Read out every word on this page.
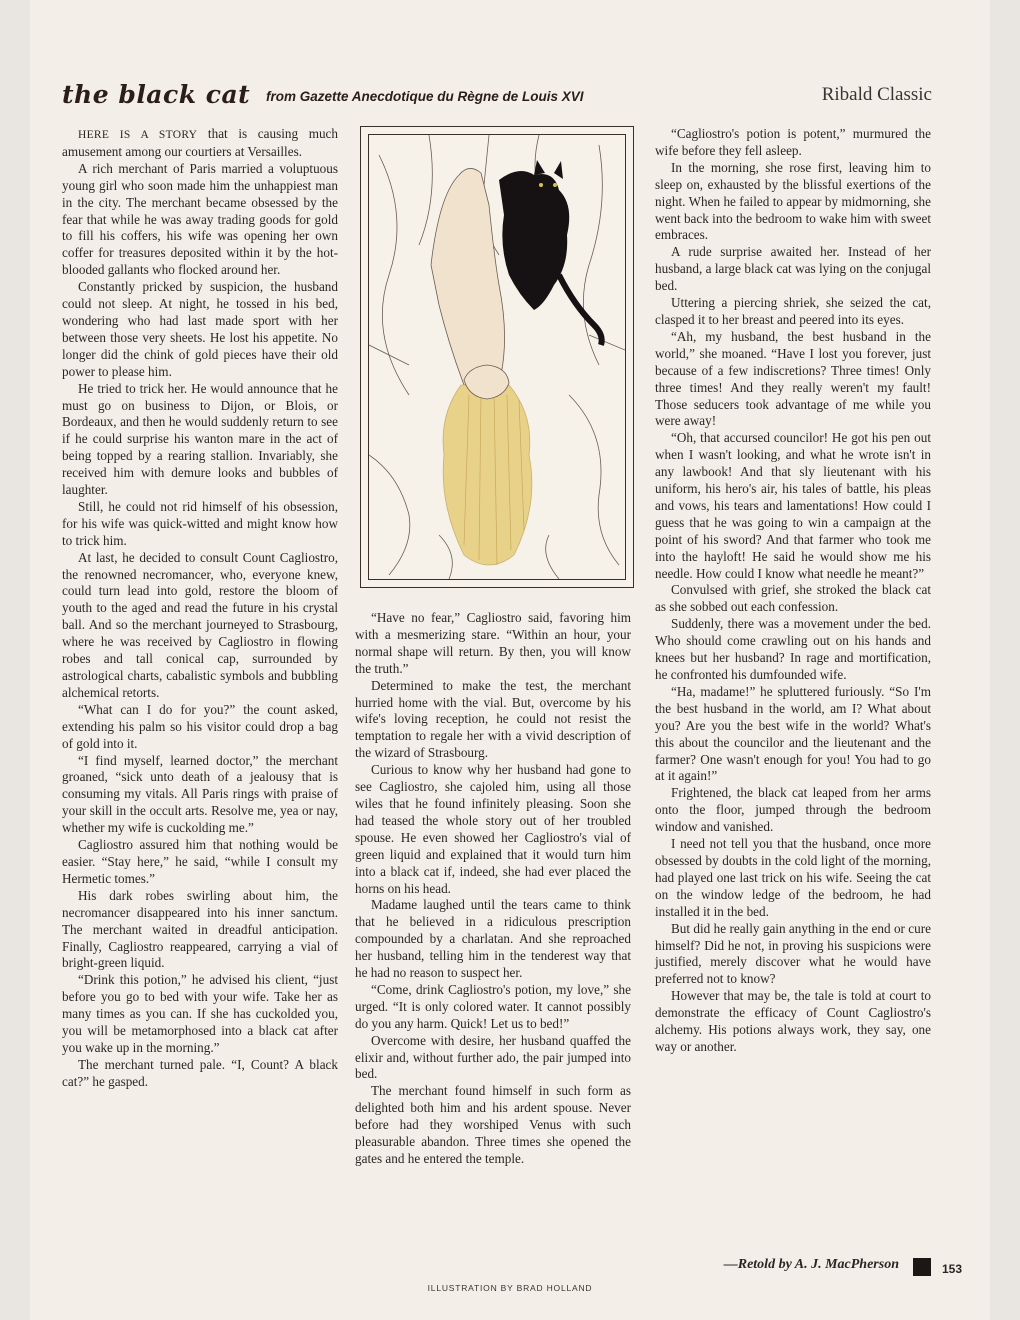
the black cat from Gazette Anecdotique du Règne de Louis XVI	Ribald Classic

HERE IS A STORY that is causing much amusement among our courtiers at Versailles.

A rich merchant of Paris married a voluptuous young girl who soon made him the unhappiest man in the city. The merchant became obsessed by the fear that while he was away trading goods for gold to fill his coffers, his wife was opening her own coffer for treasures deposited within it by the hot-blooded gallants who flocked around her.

Constantly pricked by suspicion, the husband could not sleep. At night, he tossed in his bed, wondering who had last made sport with her between those very sheets. He lost his appetite. No longer did the chink of gold pieces have their old power to please him.

He tried to trick her. He would announce that he must go on business to Dijon, or Blois, or Bordeaux, and then he would suddenly return to see if he could surprise his wanton mare in the act of being topped by a rearing stallion. Invariably, she received him with demure looks and bubbles of laughter.

Still, he could not rid himself of his obsession, for his wife was quick-witted and might know how to trick him.

At last, he decided to consult Count Cagliostro, the renowned necromancer, who, everyone knew, could turn lead into gold, restore the bloom of youth to the aged and read the future in his crystal ball. And so the merchant journeyed to Strasbourg, where he was received by Cagliostro in flowing robes and tall conical cap, surrounded by astrological charts, cabalistic symbols and bubbling alchemical retorts.

“What can I do for you?” the count asked, extending his palm so his visitor could drop a bag of gold into it.

“I find myself, learned doctor,” the merchant groaned, “sick unto death of a jealousy that is consuming my vitals. All Paris rings with praise of your skill in the occult arts. Resolve me, yea or nay, whether my wife is cuckolding me.”

Cagliostro assured him that nothing would be easier. “Stay here,” he said, “while I consult my Hermetic tomes.”

His dark robes swirling about him, the necromancer disappeared into his inner sanctum. The merchant waited in dreadful anticipation. Finally, Cagliostro reappeared, carrying a vial of bright-green liquid.

“Drink this potion,” he advised his client, “just before you go to bed with your wife. Take her as many times as you can. If she has cuckolded you, you will be metamorphosed into a black cat after you wake up in the morning.”

The merchant turned pale. “I, Count? A black cat?” he gasped.

“Have no fear,” Cagliostro said, favoring him with a mesmerizing stare. “Within an hour, your normal shape will return. By then, you will know the truth.”

Determined to make the test, the merchant hurried home with the vial. But, overcome by his wife's loving reception, he could not resist the temptation to regale her with a vivid description of the wizard of Strasbourg.

Curious to know why her husband had gone to see Cagliostro, she cajoled him, using all those wiles that he found infinitely pleasing. Soon she had teased the whole story out of her troubled spouse. He even showed her Cagliostro's vial of green liquid and explained that it would turn him into a black cat if, indeed, she had ever placed the horns on his head.

Madame laughed until the tears came to think that he believed in a ridiculous prescription compounded by a charlatan. And she reproached her husband, telling him in the tenderest way that he had no reason to suspect her.

“Come, drink Cagliostro's potion, my love,” she urged. “It is only colored water. It cannot possibly do you any harm. Quick! Let us to bed!”

Overcome with desire, her husband quaffed the elixir and, without further ado, the pair jumped into bed.

The merchant found himself in such form as delighted both him and his ardent spouse. Never before had they worshiped Venus with such pleasurable abandon. Three times she opened the gates and he entered the temple.

“Cagliostro's potion is potent,” murmured the wife before they fell asleep.

In the morning, she rose first, leaving him to sleep on, exhausted by the blissful exertions of the night. When he failed to appear by midmorning, she went back into the bedroom to wake him with sweet embraces.

A rude surprise awaited her. Instead of her husband, a large black cat was lying on the conjugal bed.

Uttering a piercing shriek, she seized the cat, clasped it to her breast and peered into its eyes.

“Ah, my husband, the best husband in the world,” she moaned. “Have I lost you forever, just because of a few indiscretions? Three times! Only three times! And they really weren't my fault! Those seducers took advantage of me while you were away!

“Oh, that accursed councilor! He got his pen out when I wasn't looking, and what he wrote isn't in any lawbook! And that sly lieutenant with his uniform, his hero's air, his tales of battle, his pleas and vows, his tears and lamentations! How could I guess that he was going to win a campaign at the point of his sword? And that farmer who took me into the hayloft! He said he would show me his needle. How could I know what needle he meant?”

Convulsed with grief, she stroked the black cat as she sobbed out each confession.

Suddenly, there was a movement under the bed. Who should come crawling out on his hands and knees but her husband? In rage and mortification, he confronted his dumfounded wife.

“Ha, madame!” he spluttered furiously. “So I'm the best husband in the world, am I? What about you? Are you the best wife in the world? What's this about the councilor and the lieutenant and the farmer? One wasn't enough for you! You had to go at it again!”

Frightened, the black cat leaped from her arms onto the floor, jumped through the bedroom window and vanished.

I need not tell you that the husband, once more obsessed by doubts in the cold light of the morning, had played one last trick on his wife. Seeing the cat on the window ledge of the bedroom, he had installed it in the bed.

But did he really gain anything in the end or cure himself? Did he not, in proving his suspicions were justified, merely discover what he would have preferred not to know?

However that may be, the tale is told at court to demonstrate the efficacy of Count Cagliostro's alchemy. His potions always work, they say, one way or another.

—Retold by A. J. MacPherson	153
ILLUSTRATION BY BRAD HOLLAND
